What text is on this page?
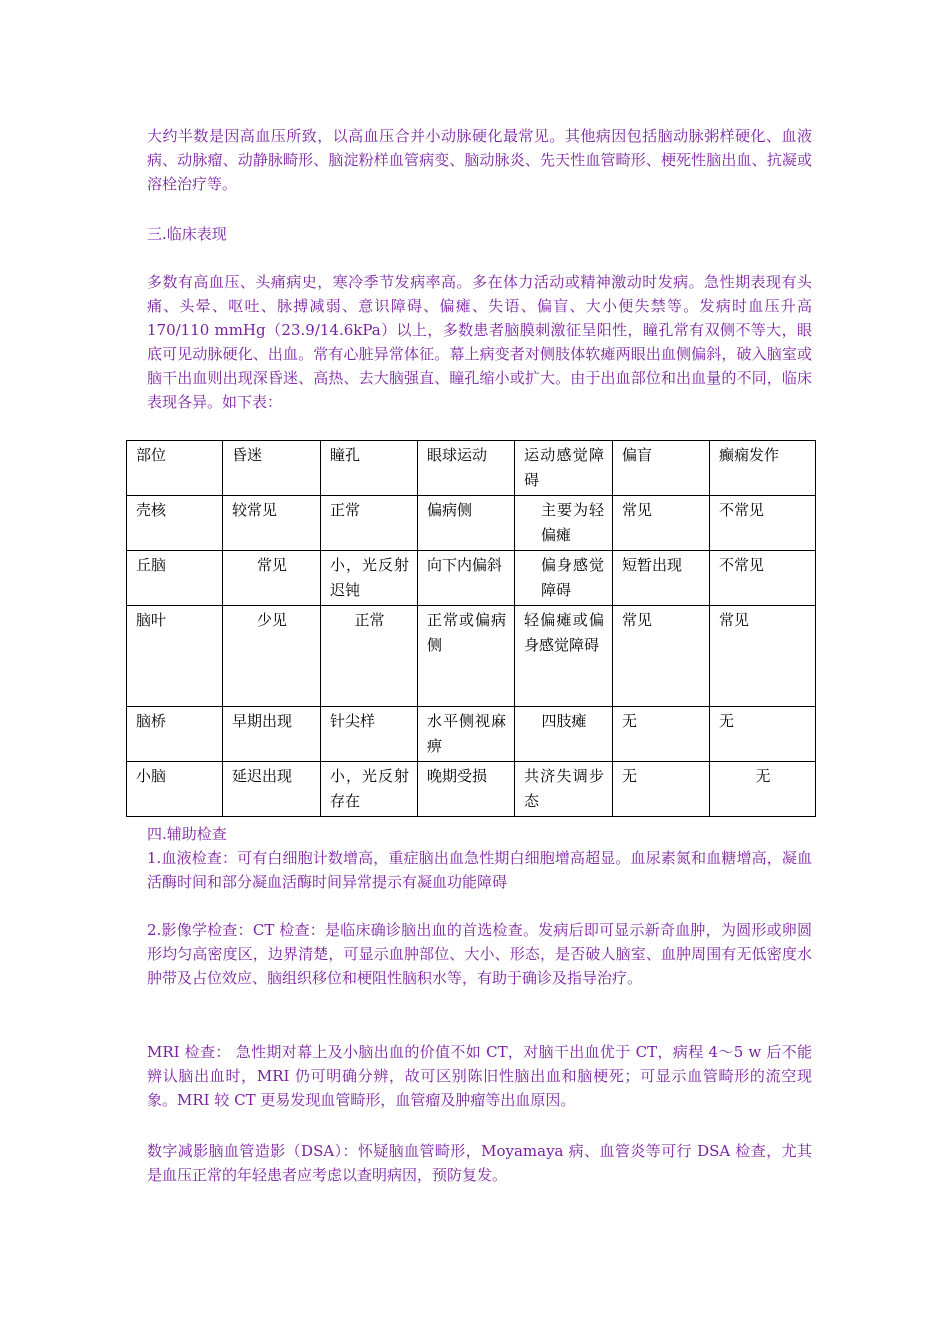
大约半数是因高血压所致，以高血压合并小动脉硬化最常见。其他病因包括脑动脉粥样硬化、血液病、动脉瘤、动静脉畸形、脑淀粉样血管病变、脑动脉炎、先天性血管畸形、梗死性脑出血、抗凝或溶栓治疗等。

三.临床表现

多数有高血压、头痛病史，寒冷季节发病率高。多在体力活动或精神激动时发病。急性期表现有头痛、头晕、呕吐、脉搏减弱、意识障碍、偏瘫、失语、偏盲、大小便失禁等。发病时血压升高 170/110 mmHg（23.9/14.6kPa）以上，多数患者脑膜刺激征呈阳性，瞳孔常有双侧不等大，眼底可见动脉硬化、出血。常有心脏异常体征。幕上病变者对侧肢体软瘫两眼出血侧偏斜，破入脑室或脑干出血则出现深昏迷、高热、去大脑强直、瞳孔缩小或扩大。由于出血部位和出血量的不同，临床表现各异。如下表：

部位	昏迷	瞳孔	眼球运动	运动感觉障碍	偏盲	癫痫发作
壳核	较常见	正常	偏病侧	主要为轻偏瘫	常见	不常见
丘脑	常见	小，光反射迟钝	向下内偏斜	偏身感觉障碍	短暂出现	不常见
脑叶	少见	正常	正常或偏病侧	轻偏瘫或偏身感觉障碍	常见	常见
脑桥	早期出现	针尖样	水平侧视麻痹	四肢瘫	无	无
小脑	延迟出现	小，光反射存在	晚期受损	共济失调步态	无	无

四.辅助检查

1.血液检查：可有白细胞计数增高，重症脑出血急性期白细胞增高超显。血尿素氮和血糖增高，凝血活酶时间和部分凝血活酶时间异常提示有凝血功能障碍

2.影像学检查：CT 检查：是临床确诊脑出血的首选检查。发病后即可显示新奇血肿，为圆形或卵圆形均匀高密度区，边界清楚，可显示血肿部位、大小、形态，是否破人脑室、血肿周围有无低密度水肿带及占位效应、脑组织移位和梗阻性脑积水等，有助于确诊及指导治疗。

MRI 检查： 急性期对幕上及小脑出血的价值不如 CT，对脑干出血优于 CT，病程 4～5 w 后不能辨认脑出血时，MRI 仍可明确分辨，故可区别陈旧性脑出血和脑梗死；可显示血管畸形的流空现象。MRI 较 CT 更易发现血管畸形，血管瘤及肿瘤等出血原因。

数字减影脑血管造影（DSA）：怀疑脑血管畸形，Moyamaya 病、血管炎等可行 DSA 检查，尤其是血压正常的年轻患者应考虑以查明病因，预防复发。
